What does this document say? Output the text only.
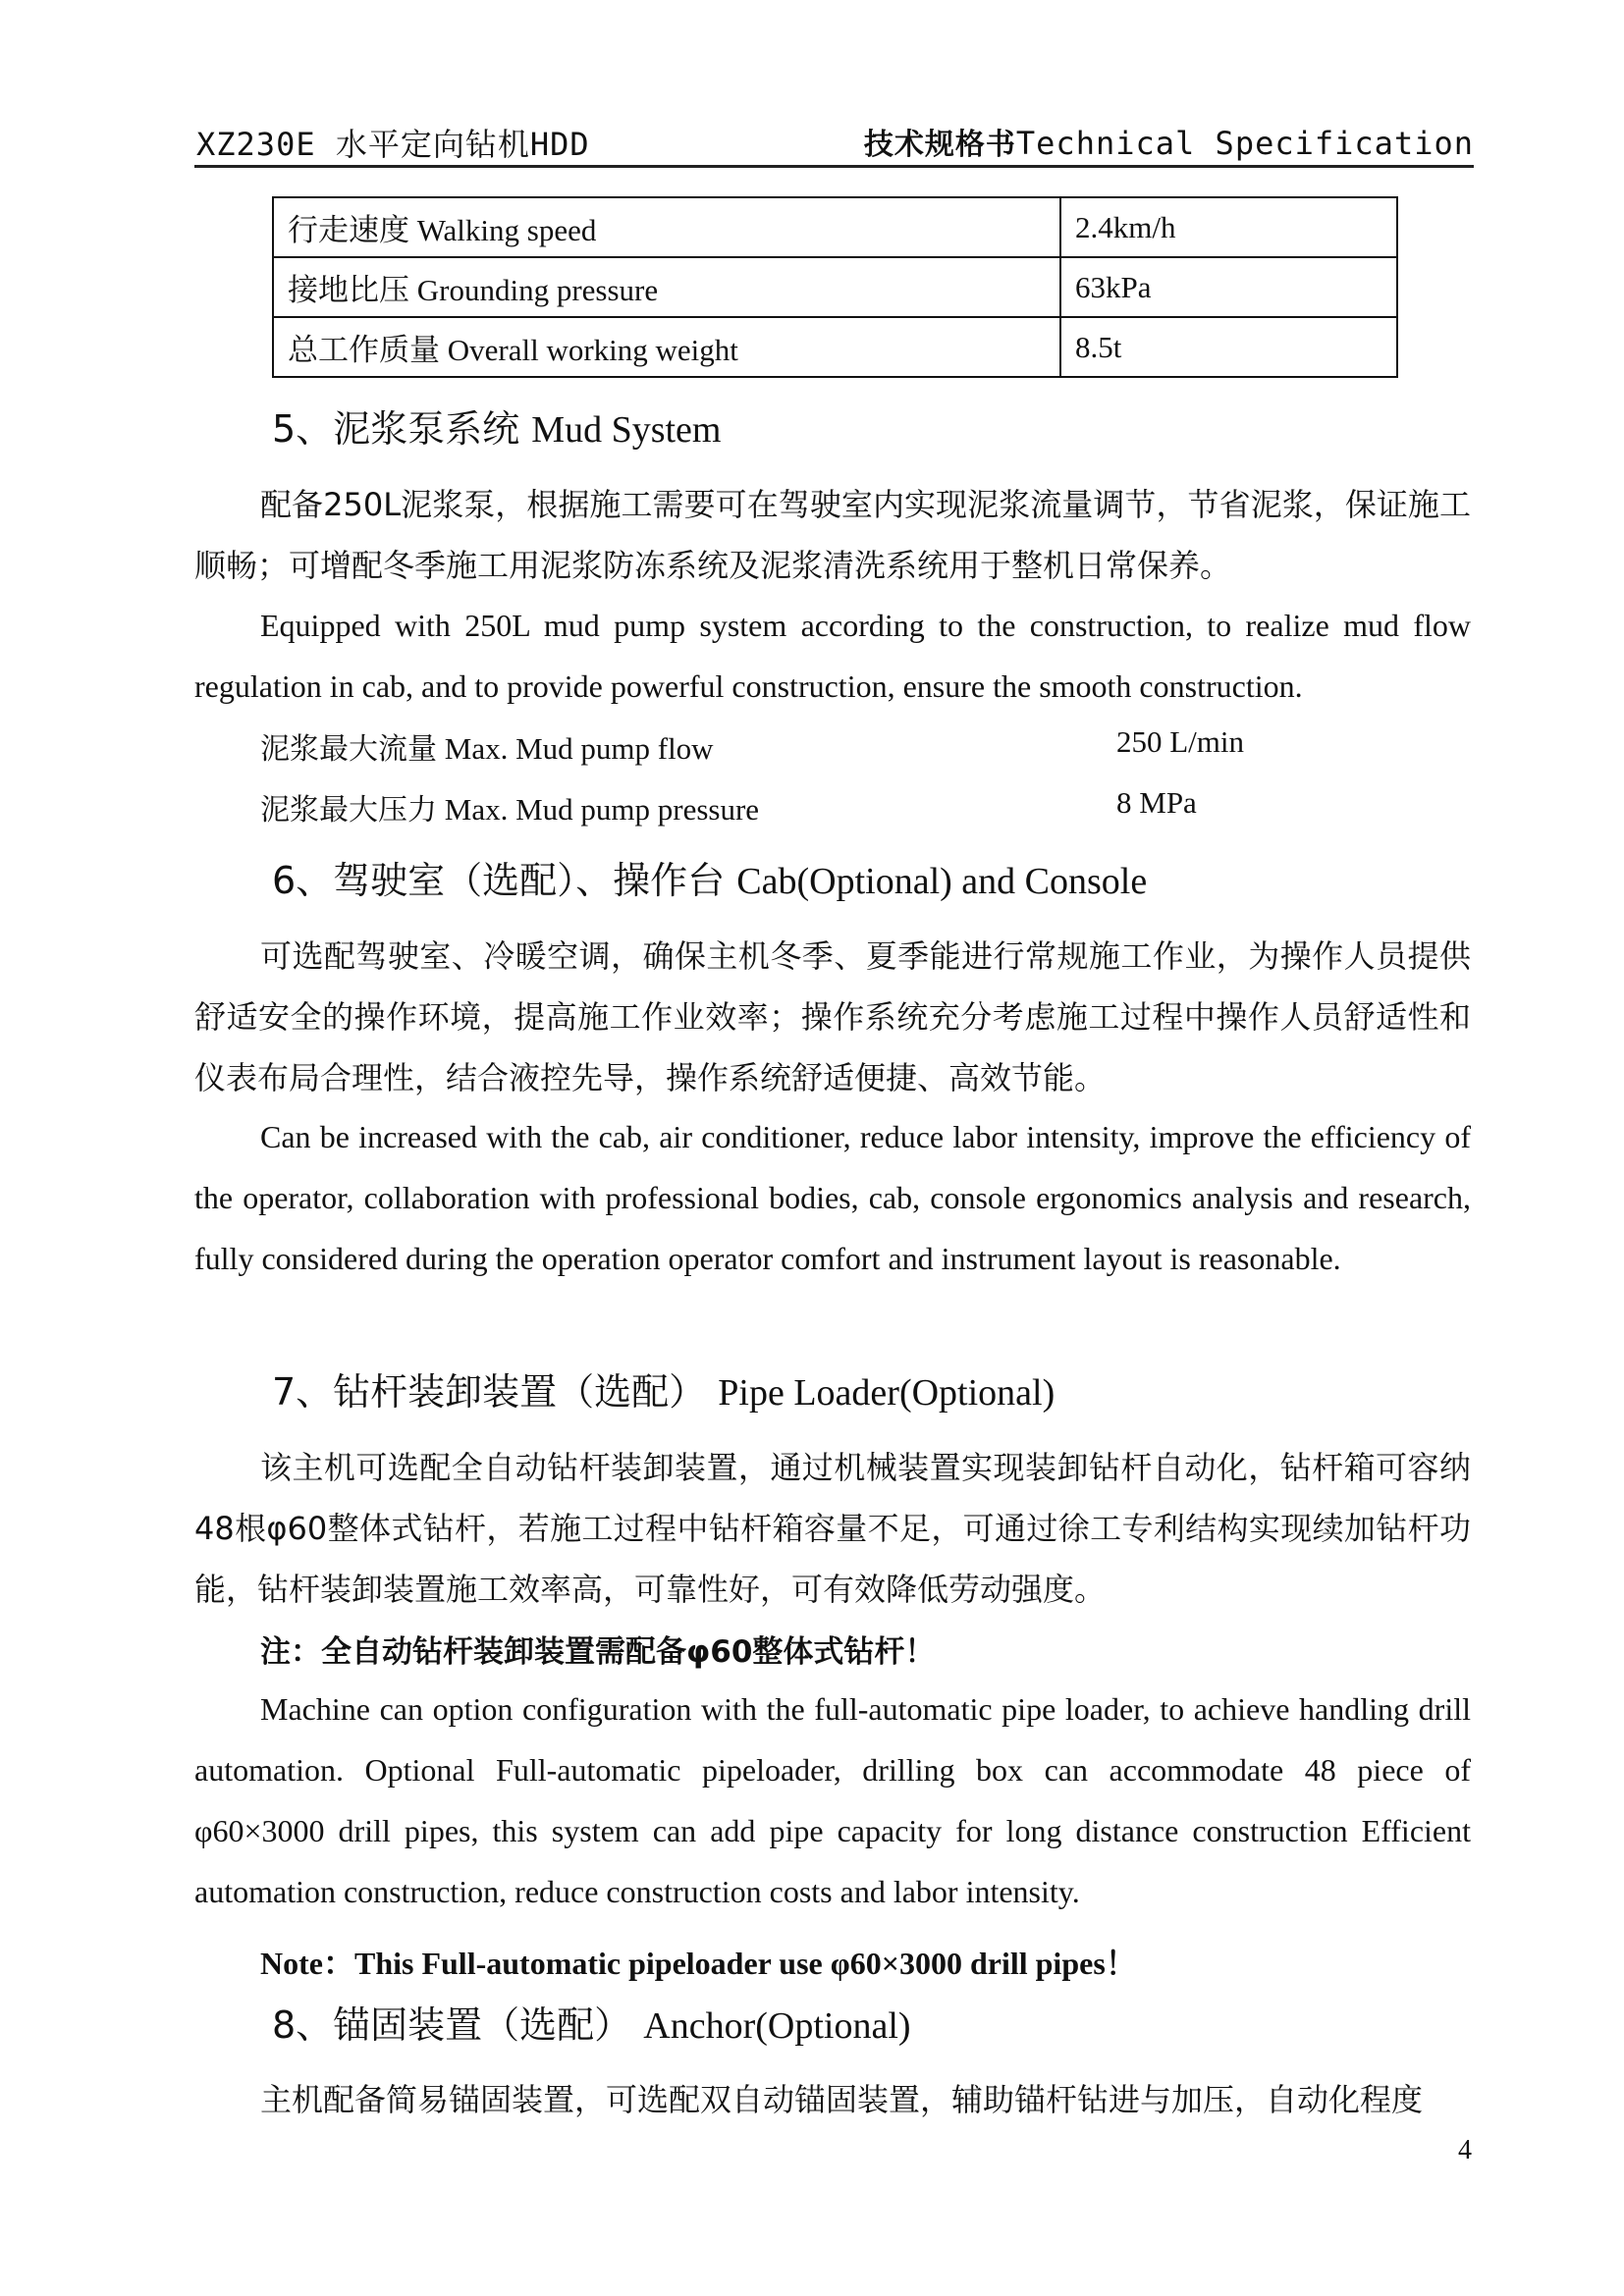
XZ230E 水平定向钻机HDD	技术规格书Technical Specification
行走速度 Walking speed	2.4km/h
接地比压 Grounding pressure	63kPa
总工作质量 Overall working weight	8.5t
5、泥浆泵系统 Mud System
配备250L泥浆泵，根据施工需要可在驾驶室内实现泥浆流量调节，节省泥浆，保证施工顺畅；可增配冬季施工用泥浆防冻系统及泥浆清洗系统用于整机日常保养。
Equipped with 250L mud pump system according to the construction, to realize mud flow regulation in cab, and to provide powerful construction, ensure the smooth construction.
泥浆最大流量 Max. Mud pump flow	250 L/min
泥浆最大压力 Max. Mud pump pressure	8 MPa
6、驾驶室（选配）、操作台 Cab(Optional) and Console
可选配驾驶室、冷暖空调，确保主机冬季、夏季能进行常规施工作业，为操作人员提供舒适安全的操作环境，提高施工作业效率；操作系统充分考虑施工过程中操作人员舒适性和仪表布局合理性，结合液控先导，操作系统舒适便捷、高效节能。
Can be increased with the cab, air conditioner, reduce labor intensity, improve the efficiency of the operator, collaboration with professional bodies, cab, console ergonomics analysis and research, fully considered during the operation operator comfort and instrument layout is reasonable.
7、钻杆装卸装置（选配） Pipe Loader(Optional)
该主机可选配全自动钻杆装卸装置，通过机械装置实现装卸钻杆自动化，钻杆箱可容纳48根φ60整体式钻杆，若施工过程中钻杆箱容量不足，可通过徐工专利结构实现续加钻杆功能，钻杆装卸装置施工效率高，可靠性好，可有效降低劳动强度。
注：全自动钻杆装卸装置需配备φ60整体式钻杆！
Machine can option configuration with the full-automatic pipe loader, to achieve handling drill automation. Optional Full-automatic pipeloader, drilling box can accommodate 48 piece of φ60×3000 drill pipes, this system can add pipe capacity for long distance construction Efficient automation construction, reduce construction costs and labor intensity.
Note：This Full-automatic pipeloader use φ60×3000 drill pipes！
8、锚固装置（选配） Anchor(Optional)
主机配备简易锚固装置，可选配双自动锚固装置，辅助锚杆钻进与加压，自动化程度
4
